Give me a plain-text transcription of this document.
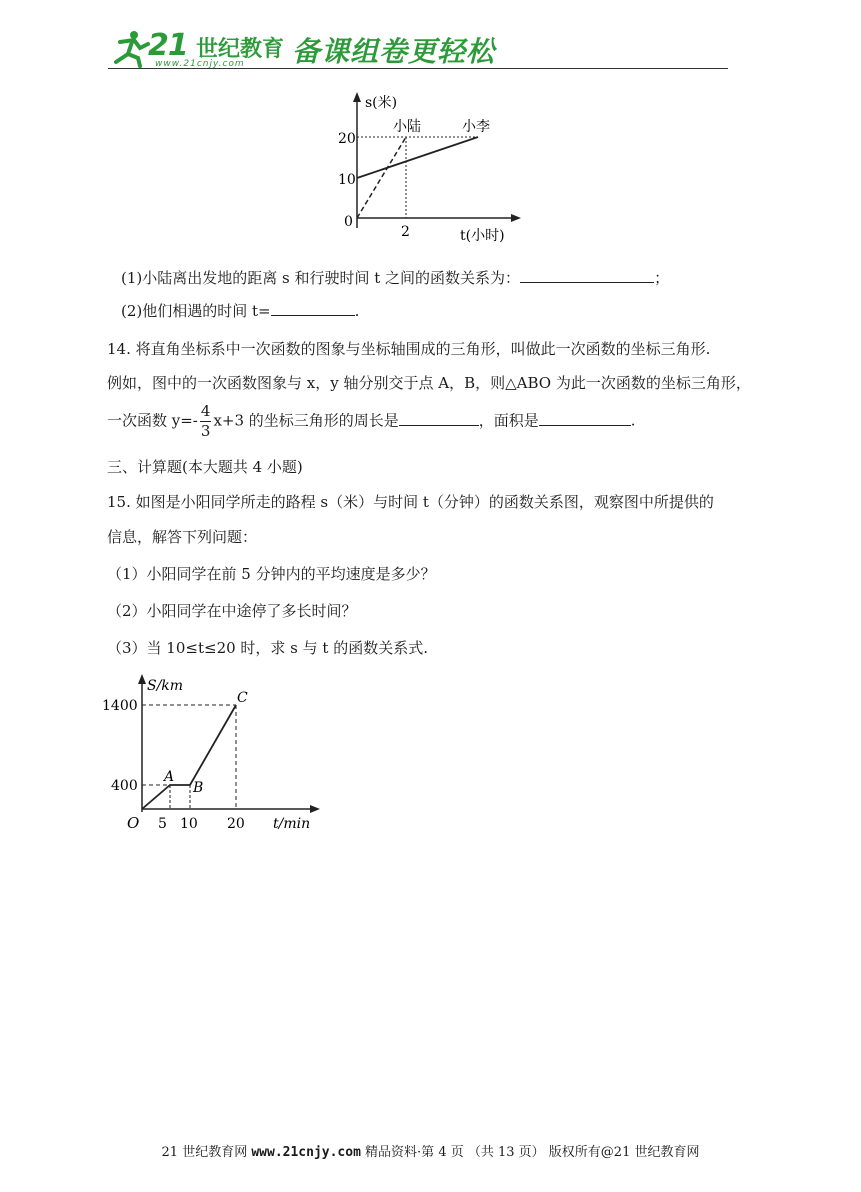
21 世纪教育
www.21cnjy.com 备课组卷更轻松
s(米)
t(小时)
20
10
0
2
小陆	小李
(1)小陆离出发地的距离 s 和行驶时间 t 之间的函数关系为：	；
(2)他们相遇的时间 t=	.
14. 将直角坐标系中一次函数的图象与坐标轴围成的三角形，叫做此一次函数的坐标三角形.
例如，图中的一次函数图象与 x，y 轴分别交于点 A，B，则△ABO 为此一次函数的坐标三角形，
一次函数 $y=- \frac{4}{3} x+3$ 的坐标三角形的周长是	，面积是	.
三、计算题(本大题共 4 小题)
15. 如图是小阳同学所走的路程 s（米）与时间 t（分钟）的函数关系图，观察图中所提供的
信息，解答下列问题：
（1）小阳同学在前 5 分钟内的平均速度是多少？
（2）小阳同学在中途停了多长时间？
（3）当 10≤t≤20 时，求 s 与 t 的函数关系式.
S/km
t/min
1400
400
O 5 10 20
A
B
C
21 世纪教育网 www.21cnjy.com 精品资料·第 4 页 （共 13 页） 版权所有@21 世纪教育网
